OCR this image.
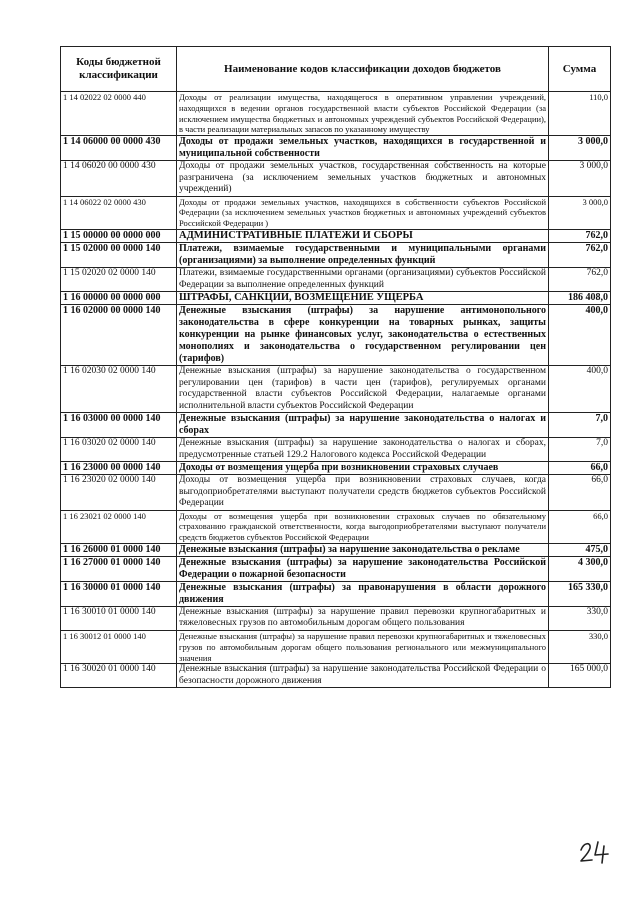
Коды бюджетной классификации	Наименование кодов классификации доходов бюджетов	Сумма
1 14 02022 02 0000 440	Доходы от реализации имущества, находящегося в оперативном управлении учреждений, находящихся в ведении органов государственной власти субъектов Российской Федерации (за исключением имущества бюджетных и автономных учреждений субъектов Российской Федерации), в части реализации материальных запасов по указанному имуществу	110,0
1 14 06000 00 0000 430	Доходы от продажи земельных участков, находящихся в государственной и муниципальной собственности	3 000,0
1 14 06020 00 0000 430	Доходы от продажи земельных участков, государственная собственность на которые разграничена (за исключением земельных участков бюджетных и автономных учреждений)	3 000,0
1 14 06022 02 0000 430	Доходы от продажи земельных участков, находящихся в собственности субъектов Российской Федерации (за исключением земельных участков бюджетных и автономных учреждений субъектов Российской Федерации )	3 000,0
1 15 00000 00 0000 000	АДМИНИСТРАТИВНЫЕ ПЛАТЕЖИ И СБОРЫ	762,0
1 15 02000 00 0000 140	Платежи, взимаемые государственными и муниципальными органами (организациями) за выполнение определенных функций	762,0
1 15 02020 02 0000 140	Платежи, взимаемые государственными органами (организациями) субъектов Российской Федерации за выполнение определенных функций	762,0
1 16 00000 00 0000 000	ШТРАФЫ, САНКЦИИ, ВОЗМЕЩЕНИЕ УЩЕРБА	186 408,0
1 16 02000 00 0000 140	Денежные взыскания (штрафы) за нарушение антимонопольного законодательства в сфере конкуренции на товарных рынках, защиты конкуренции на рынке финансовых услуг, законодательства о естественных монополиях и законодательства о государственном регулировании цен (тарифов)	400,0
1 16 02030 02 0000 140	Денежные взыскания (штрафы) за нарушение законодательства о государственном регулировании цен (тарифов) в части цен (тарифов), регулируемых органами государственной власти субъектов Российской Федерации, налагаемые органами исполнительной власти субъектов Российской Федерации	400,0
1 16 03000 00 0000 140	Денежные взыскания (штрафы) за нарушение законодательства о налогах и сборах	7,0
1 16 03020 02 0000 140	Денежные взыскания (штрафы) за нарушение законодательства о налогах и сборах, предусмотренные статьей 129.2 Налогового кодекса Российской Федерации	7,0
1 16 23000 00 0000 140	Доходы от возмещения ущерба при возникновении страховых случаев	66,0
1 16 23020 02 0000 140	Доходы от возмещения ущерба при возникновении страховых случаев, когда выгодоприобретателями выступают получатели средств бюджетов субъектов Российской Федерации	66,0
1 16 23021 02 0000 140	Доходы от возмещения ущерба при возникновении страховых случаев по обязательному страхованию гражданской ответственности, когда выгодоприобретателями выступают получатели средств бюджетов субъектов Российской Федерации	66,0
1 16 26000 01 0000 140	Денежные взыскания (штрафы) за нарушение законодательства о рекламе	475,0
1 16 27000 01 0000 140	Денежные взыскания (штрафы) за нарушение законодательства Российской Федерации о пожарной безопасности	4 300,0
1 16 30000 01 0000 140	Денежные взыскания (штрафы) за правонарушения в области дорожного движения	165 330,0
1 16 30010 01 0000 140	Денежные взыскания (штрафы) за нарушение правил перевозки крупногабаритных и тяжеловесных грузов по автомобильным дорогам общего пользования	330,0
1 16 30012 01 0000 140	Денежные взыскания (штрафы) за нарушение правил перевозки крупногабаритных и тяжеловесных грузов по автомобильным дорогам общего пользования регионального или межмуниципального значения	330,0
1 16 30020 01 0000 140	Денежные взыскания (штрафы) за нарушение законодательства Российской Федерации о безопасности дорожного движения	165 000,0
